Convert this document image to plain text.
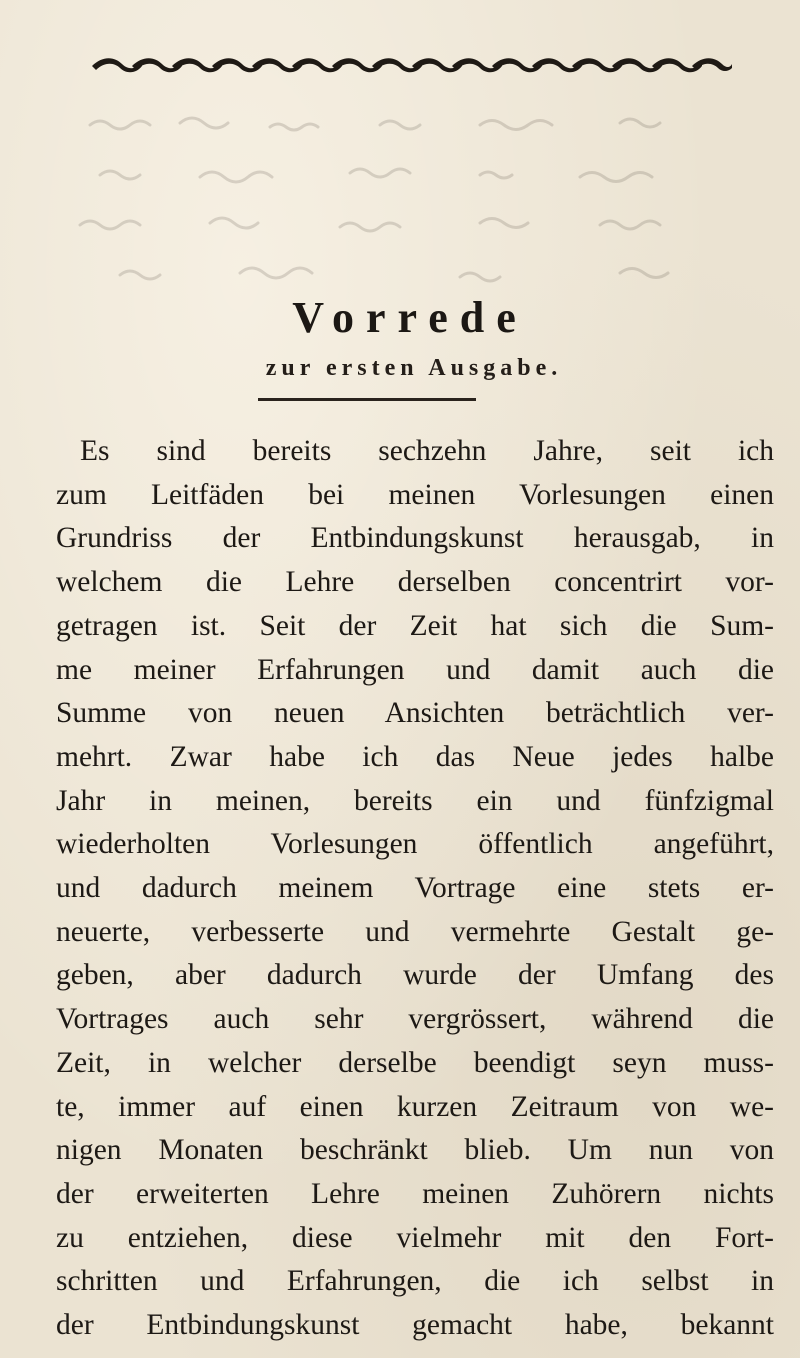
Vorrede
zur ersten Ausgabe.
Es sind bereits sechzehn Jahre, seit ich
zum Leitfäden bei meinen Vorlesungen einen
Grundriss der Entbindungskunst herausgab, in
welchem die Lehre derselben concentrirt vor-
getragen ist. Seit der Zeit hat sich die Sum-
me meiner Erfahrungen und damit auch die
Summe von neuen Ansichten beträchtlich ver-
mehrt. Zwar habe ich das Neue jedes halbe
Jahr in meinen, bereits ein und fünfzigmal
wiederholten Vorlesungen öffentlich angeführt,
und dadurch meinem Vortrage eine stets er-
neuerte, verbesserte und vermehrte Gestalt ge-
geben, aber dadurch wurde der Umfang des
Vortrages auch sehr vergrössert, während die
Zeit, in welcher derselbe beendigt seyn muss-
te, immer auf einen kurzen Zeitraum von we-
nigen Monaten beschränkt blieb. Um nun von
der erweiterten Lehre meinen Zuhörern nichts
zu entziehen, diese vielmehr mit den Fort-
schritten und Erfahrungen, die ich selbst in
der Entbindungskunst gemacht habe, bekannt
